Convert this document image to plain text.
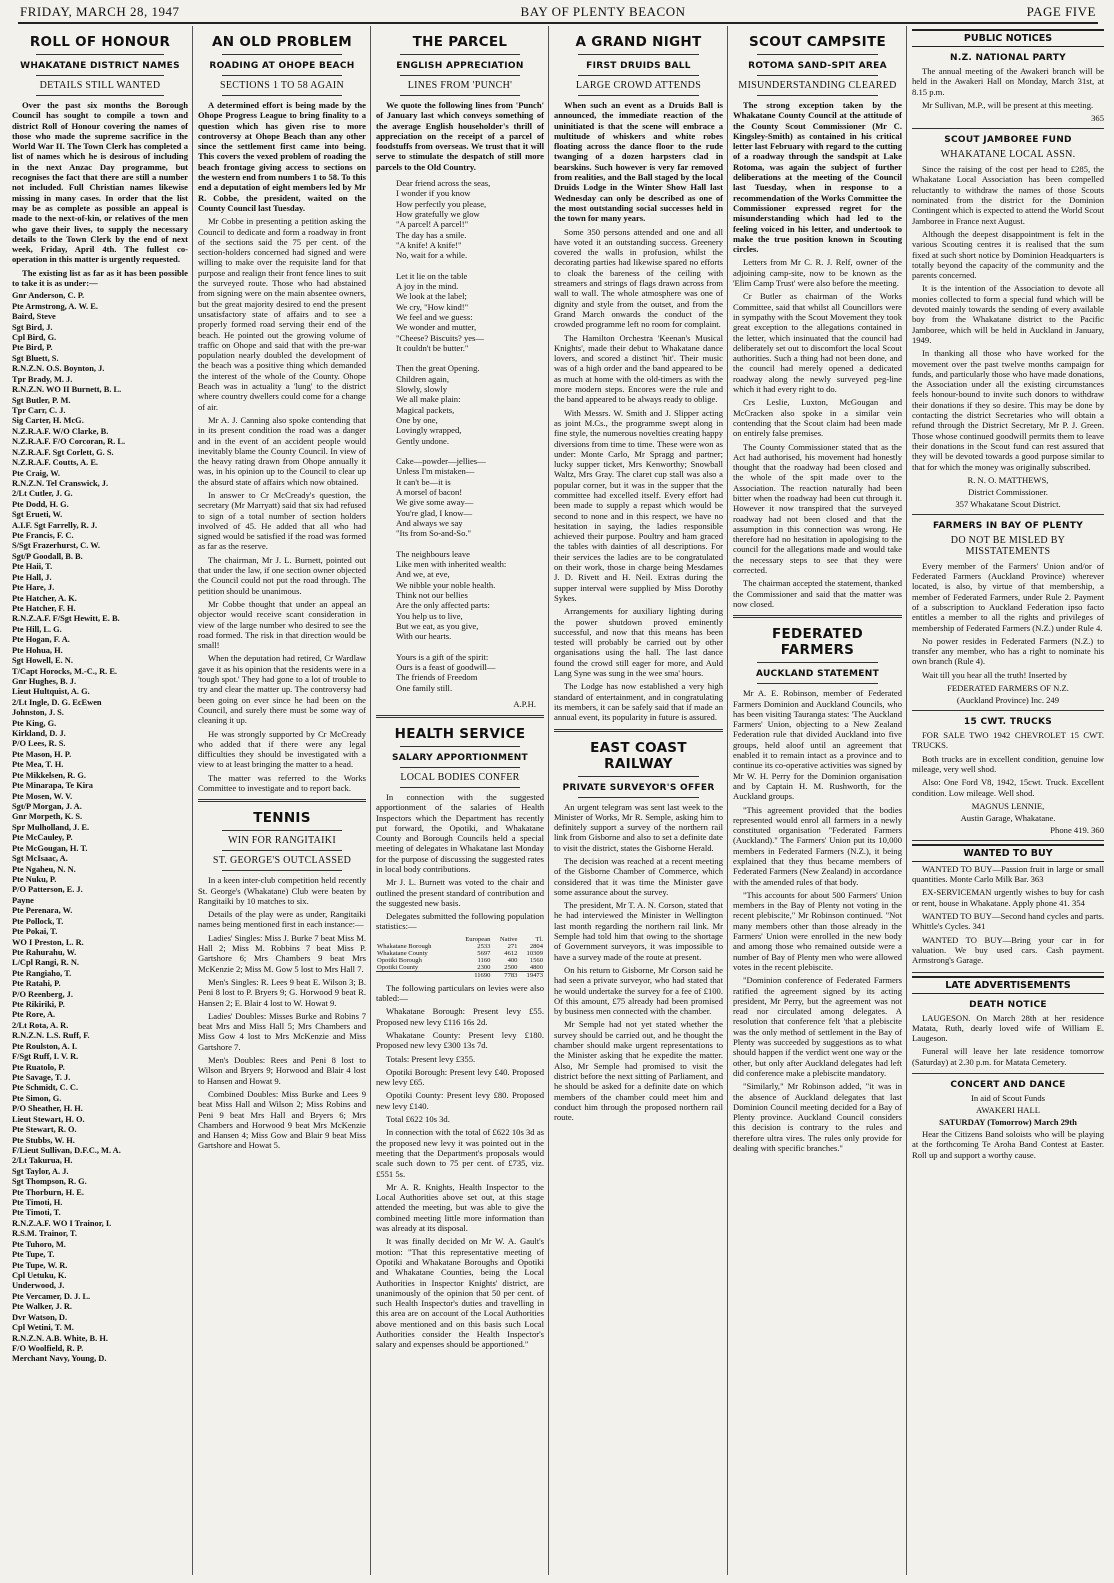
FRIDAY, MARCH 28, 1947	BAY OF PLENTY BEACON	PAGE FIVE
ROLL OF HONOUR
WHAKATANE DISTRICT NAMES
DETAILS STILL WANTED

Over the past six months the Borough Council has sought to compile a town and district Roll of Honour covering the names of those who made the supreme sacrifice in the World War II. The Town Clerk has completed a list of names which he is desirous of including in the next Anzac Day programme, but recognises the fact that there are still a number not included. Full Christian names likewise missing in many cases. In order that the list may be as complete as possible an appeal is made to the next-of-kin, or relatives of the men who gave their lives, to supply the necessary details to the Town Clerk by the end of next week, Friday, April 4th. The fullest co-operation in this matter is urgently requested.

The existing list as far as it has been possible to take it is as under:—

Gnr Anderson, C. P.
Pte Armstrong, A. W. E.
Baird, Steve
Sgt Bird, J.
Cpl Bird, G.
Pte Bird, P.
Sgt Bluett, S.
R.N.Z.N. O.S. Boynton, J.
Tpr Brady, M. J.
R.N.Z.N. WO II Burnett, B. L.
Sgt Butler, P. M.
Tpr Carr, C. J.
Sig Carter, H. McG.
N.Z.R.A.F. W/O Clarke, B.
N.Z.R.A.F. F/O Corcoran, R. L.
N.Z.R.A.F. Sgt Corlett, G. S.
N.Z.R.A.F. Coutts, A. E.
Pte Craig, W.
R.N.Z.N. Tel Cranswick, J.
2/Lt Cutler, J. G.
Pte Dodd, H. G.
Sgt Erueti, W.
A.I.F. Sgt Farrelly, R. J.
Pte Francis, F. C.
S/Sgt Frazerhurst, C. W.
Sgt/P Goodall, B. B.
Pte Haii, T.
Pte Hall, J.
Pte Hare, J.
Pte Hatcher, A. K.
Pte Hatcher, F. H.
R.N.Z.A.F. F/Sgt Hewitt, E. B.
Pte Hill, L. G.
Pte Hogan, F. A.
Pte Hohua, H.
Sgt Howell, E. N.
T/Capt Horocks, M.-C., R. E.
Gnr Hughes, B. J.
Lieut Hultquist, A. G.
2/Lt Ingle, D. G. EcEwen
Johnston, J. S.
Pte King, G.
Kirkland, D. J.
P/O Lees, R. S.
Pte Mason, H. P.
Pte Mea, T. H.
Pte Mikkelsen, R. G.
Pte Minarapa, Te Kira
Pte Mosen, W. V.
Sgt/P Morgan, J. A.
Gnr Morpeth, K. S.
Spr Mulholland, J. E.
Pte McCauley, P.
Pte McGougan, H. T.
Sgt McIsaac, A.
Pte Ngaheu, N. N.
Pte Nuku, P.
P/O Patterson, E. J.
Payne
Pte Perenara, W.
Pte Pollock, T.
Pte Pokai, T.
WO I Preston, L. R.
Pte Rahurahu, W.
L/Cpl Rangi, R. N.
Pte Rangiaho, T.
Pte Ratahi, P.
P/O Reenberg, J.
Pte Rikiriki, P.
Pte Rore, A.
2/Lt Rota, A. R.
R.N.Z.N. L.S. Ruff, F.
Pte Roulston, A. I.
F/Sgt Ruff, I. V. R.
Pte Ruatolo, P.
Pte Savage, T. J.
Pte Schmidt, C. C.
Pte Simon, G.
P/O Sheather, H. H.
Lieut Stewart, H. O.
Pte Stewart, R. O.
Pte Stubbs, W. H.
F/Lieut Sullivan, D.F.C., M. A.
2/Lt Takurua, H.
Sgt Taylor, A. J.
Sgt Thompson, R. G.
Pte Thorburn, H. E.
Pte Timoti, H.
Pte Timoti, T.
R.N.Z.A.F. WO I Trainor, I.
R.S.M. Trainor, T.
Pte Tuhoro, M.
Pte Tupe, T.
Pte Tupe, W. R.
Cpl Uetuku, K.
Underwood, J.
Pte Vercamer, D. J. L.
Pte Walker, J. R.
Dvr Watson, D.
Cpl Wetini, T. M.
R.N.Z.N. A.B. White, B. H.
F/O Woolfield, R. P.
Merchant Navy, Young, D.
AN OLD PROBLEM
ROADING AT OHOPE BEACH
SECTIONS 1 TO 58 AGAIN

A determined effort is being made by the Ohope Progress League to bring finality to a question which has given rise to more controversy at Ohope Beach than any other since the settlement first came into being. This covers the vexed problem of roading the beach frontage giving access to sections on the western end from numbers 1 to 58. To this end a deputation of eight members led by Mr R. Cobbe, the president, waited on the County Council last Tuesday.

Mr Cobbe in presenting a petition asking the Council to dedicate and form a roadway in front of the sections said the 75 per cent. of the section-holders concerned had signed and were willing to make over the requisite land for that purpose and realign their front fence lines to suit the surveyed route. Those who had abstained from signing were on the main absentee owners, but the great majority desired to end the present unsatisfactory state of affairs and to see a properly formed road serving their end of the beach. He pointed out the growing volume of traffic on Ohope and said that with the pre-war population nearly doubled the development of the beach was a positive thing which demanded the interest of the whole of the County. Ohope Beach was in actuality a 'lung' to the district where country dwellers could come for a change of air.

Mr A. J. Canning also spoke contending that in its present condition the road was a danger and in the event of an accident people would inevitably blame the County Council. In view of the heavy rating drawn from Ohope annually it was, in his opinion up to the Council to clear up the absurd state of affairs which now obtained.

In answer to Cr McCready's question, the secretary (Mr Marryatt) said that six had refused to sign of a total number of section holders involved of 45. He added that all who had signed would be satisfied if the road was formed as far as the reserve.

The chairman, Mr J. L. Burnett, pointed out that under the law, if one section owner objected the Council could not put the road through. The petition should be unanimous.

Mr Cobbe thought that under an appeal an objector would receive scant consideration in view of the large number who desired to see the road formed. The risk in that direction would be small!

When the deputation had retired, Cr Wardlaw gave it as his opinion that the residents were in a 'tough spot.' They had gone to a lot of trouble to try and clear the matter up. The controversy had been going on ever since he had been on the Council, and surely there must be some way of cleaning it up.

He was strongly supported by Cr McCready who added that if there were any legal difficulties they should be investigated with a view to at least bringing the matter to a head.

The matter was referred to the Works Committee to investigate and to report back.

TENNIS
WIN FOR RANGITAIKI
ST. GEORGE'S OUTCLASSED

In a keen inter-club competition held recently St. George's (Whakatane) Club were beaten by Rangitaiki by 10 matches to six.

Details of the play were as under, Rangitaiki names being mentioned first in each instance:—

Ladies' Singles: Miss J. Burke 7 beat Miss M. Hall 2; Miss M. Robbins 7 beat Miss P. Gartshore 6; Mrs Chambers 9 beat Mrs McKenzie 2; Miss M. Gow 5 lost to Mrs Hall 7.

Men's Singles: R. Lees 9 beat E. Wilson 3; B. Peni 8 lost to P. Bryers 9; G. Horwood 9 beat R. Hansen 2; E. Blair 4 lost to W. Howat 9.

Ladies' Doubles: Misses Burke and Robins 7 beat Mrs and Miss Hall 5; Mrs Chambers and Miss Gow 4 lost to Mrs McKenzie and Miss Gartshore 7.

Men's Doubles: Rees and Peni 8 lost to Wilson and Bryers 9; Horwood and Blair 4 lost to Hansen and Howat 9.

Combined Doubles: Miss Burke and Lees 9 beat Miss Hall and Wilson 2; Miss Robins and Peni 9 beat Mrs Hall and Bryers 6; Mrs Chambers and Horwood 9 beat Mrs McKenzie and Hansen 4; Miss Gow and Blair 9 beat Miss Gartshore and Howat 5.

THE PARCEL
ENGLISH APPRECIATION
LINES FROM 'PUNCH'

We quote the following lines from 'Punch' of January last which conveys something of the average English householder's thrill of appreciation on the receipt of a parcel of foodstuffs from overseas. We trust that it will serve to stimulate the despatch of still more parcels to the Old Country.

Dear friend across the seas,
I wonder if you know
How perfectly you please,
How gratefully we glow
"A parcel! A parcel!"
The day has a smile.
"A knife! A knife!"
No, wait for a while.

Let it lie on the table
A joy in the mind.
We look at the label;
We cry, "How kind!"
We feel and we guess:
We wonder and mutter,
"Cheese? Biscuits? yes—
It couldn't be butter."

Then the great Opening.
Children again,
Slowly, slowly
We all make plain:
Magical packets,
One by one,
Lovingly wrapped,
Gently undone.

Cake—powder—jellies—
Unless I'm mistaken—
It can't be—it is
A morsel of bacon!
We give some away—
You're glad, I know—
And always we say
"Its from So-and-So."

The neighbours leave
Like men with inherited wealth:
And we, at eve,
We nibble your noble health.
Think not our bellies
Are the only affected parts:
You help us to live,
But we eat, as you give,
With our hearts.

Yours is a gift of the spirit:
Ours is a feast of goodwill—
The friends of Freedom
One family still.
A.P.H.
HEALTH SERVICE
SALARY APPORTIONMENT
LOCAL BODIES CONFER

In connection with the suggested apportionment of the salaries of Health Inspectors which the Department has recently put forward, the Opotiki, and Whakatane County and Borough Councils held a special meeting of delegates in Whakatane last Monday for the purpose of discussing the suggested rates in local body contributions.

Mr J. L. Burnett was voted to the chair and outlined the present standard of contribution and the suggested new basis.

Delegates submitted the following population statistics:—

	European	Native	Tl.
Whakatane Borough	2533	271	2804
Whakatane County	5697	4612	10309
Opotiki Borough	1160	400	1560
Opotiki County	2300	2500	4800
	11690	7783	19473

The following particulars on levies were also tabled:—

Whakatane Borough: Present levy £55. Proposed new levy £116 16s 2d.

Whakatane County: Present levy £180. Proposed new levy £300 13s 7d.

Totals: Present levy £355.

Opotiki Borough: Present levy £40. Proposed new levy £65.

Opotiki County: Present levy £80. Proposed new levy £140.

Total £622 10s 3d.

In connection with the total of £622 10s 3d as the proposed new levy it was pointed out in the meeting that the Department's proposals would scale such down to 75 per cent. of £735, viz. £551 5s.

Mr A. R. Knights, Health Inspector to the Local Authorities above set out, at this stage attended the meeting, but was able to give the combined meeting little more information than was already at its disposal.

It was finally decided on Mr W. A. Gault's motion: "That this representative meeting of Opotiki and Whakatane Boroughs and Opotiki and Whakatane Counties, being the Local Authorities in Inspector Knights' district, are unanimously of the opinion that 50 per cent. of such Health Inspector's duties and travelling in this area are on account of the Local Authorities above mentioned and on this basis such Local Authorities consider the Health Inspector's salary and expenses should be apportioned."

A GRAND NIGHT
FIRST DRUIDS BALL
LARGE CROWD ATTENDS

When such an event as a Druids Ball is announced, the immediate reaction of the uninitiated is that the scene will embrace a multitude of whiskers and white robes floating across the dance floor to the rude twanging of a dozen harpsters clad in bearskins. Such however is very far removed from realities, and the Ball staged by the local Druids Lodge in the Winter Show Hall last Wednesday can only be described as one of the most outstanding social successes held in the town for many years.

Some 350 persons attended and one and all have voted it an outstanding success. Greenery covered the walls in profusion, whilst the decorating parties had likewise spared no efforts to cloak the bareness of the ceiling with streamers and strings of flags drawn across from wall to wall. The whole atmosphere was one of dignity and style from the outset, and from the Grand March onwards the conduct of the crowded programme left no room for complaint.

The Hamilton Orchestra 'Keenan's Musical Knights', made their debut to Whakatane dance lovers, and scored a distinct 'hit'. Their music was of a high order and the band appeared to be as much at home with the old-timers as with the more modern steps. Encores were the rule and the band appeared to be always ready to oblige.

With Messrs. W. Smith and J. Slipper acting as joint M.Cs., the programme swept along in fine style, the numerous novelties creating happy diversions from time to time. These were won as under: Monte Carlo, Mr Spragg and partner; lucky supper ticket, Mrs Kenworthy; Snowball Waltz, Mrs Gray. The claret cup stall was also a popular corner, but it was in the supper that the committee had excelled itself. Every effort had been made to supply a repast which would be second to none and in this respect, we have no hesitation in saying, the ladies responsible achieved their purpose. Poultry and ham graced the tables with dainties of all descriptions. For their services the ladies are to be congratulated on their work, those in charge being Mesdames J. D. Rivett and H. Neil. Extras during the supper interval were supplied by Miss Dorothy Sykes.

Arrangements for auxiliary lighting during the power shutdown proved eminently successful, and now that this means has been tested will probably be carried out by other organisations using the hall. The last dance found the crowd still eager for more, and Auld Lang Syne was sung in the wee sma' hours.

The Lodge has now established a very high standard of entertainment, and in congratulating its members, it can be safely said that if made an annual event, its popularity in future is assured.

EAST COAST RAILWAY
PRIVATE SURVEYOR'S OFFER

An urgent telegram was sent last week to the Minister of Works, Mr R. Semple, asking him to definitely support a survey of the northern rail link from Gisborne and also to set a definite date to visit the district, states the Gisborne Herald.

The decision was reached at a recent meeting of the Gisborne Chamber of Commerce, which considered that it was time the Minister gave some assurance about the survey.

The president, Mr T. A. N. Corson, stated that he had interviewed the Minister in Wellington last month regarding the northern rail link. Mr Semple had told him that owing to the shortage of Government surveyors, it was impossible to have a survey made of the route at present.

On his return to Gisborne, Mr Corson said he had seen a private surveyor, who had stated that he would undertake the survey for a fee of £100. Of this amount, £75 already had been promised by business men connected with the chamber.

Mr Semple had not yet stated whether the survey should be carried out, and he thought the chamber should make urgent representations to the Minister asking that he expedite the matter. Also, Mr Semple had promised to visit the district before the next sitting of Parliament, and he should be asked for a definite date on which members of the chamber could meet him and conduct him through the proposed northern rail route.

SCOUT CAMPSITE
ROTOMA SAND-SPIT AREA
MISUNDERSTANDING CLEARED

The strong exception taken by the Whakatane County Council at the attitude of the County Scout Commissioner (Mr C. Kingsley-Smith) as contained in his critical letter last February with regard to the cutting of a roadway through the sandspit at Lake Rotoma, was again the subject of further deliberations at the meeting of the Council last Tuesday, when in response to a recommendation of the Works Committee the Commissioner expressed regret for the misunderstanding which had led to the feeling voiced in his letter, and undertook to make the true position known in Scouting circles.

Letters from Mr C. R. J. Relf, owner of the adjoining camp-site, now to be known as the 'Elim Camp Trust' were also before the meeting.

Cr Butler as chairman of the Works Committee, said that whilst all Councillors were in sympathy with the Scout Movement they took great exception to the allegations contained in the letter, which insinuated that the council had deliberately set out to discomfort the local Scout authorities. Such a thing had not been done, and the council had merely opened a dedicated roadway along the newly surveyed peg-line which it had every right to do.

Crs Leslie, Luxton, McGougan and McCracken also spoke in a similar vein contending that the Scout claim had been made on entirely false premises.

The County Commissioner stated that as the Act had authorised, his movement had honestly thought that the roadway had been closed and the whole of the spit made over to the Association. The reaction naturally had been bitter when the roadway had been cut through it. However it now transpired that the surveyed roadway had not been closed and that the assumption in this connection was wrong. He therefore had no hesitation in apologising to the council for the allegations made and would take the necessary steps to see that they were corrected.

The chairman accepted the statement, thanked the Commissioner and said that the matter was now closed.

FEDERATED FARMERS
AUCKLAND STATEMENT

Mr A. E. Robinson, member of Federated Farmers Dominion and Auckland Councils, who has been visiting Tauranga states: 'The Auckland Farmers' Union, objecting to a New Zealand Federation rule that divided Auckland into five groups, held aloof until an agreement that enabled it to remain intact as a province and to continue its co-operative activities was signed by Mr W. H. Perry for the Dominion organisation and by Captain H. M. Rushworth, for the Auckland groups.

"This agreement provided that the bodies represented would enrol all farmers in a newly constituted organisation "Federated Farmers (Auckland)." The Farmers' Union put its 10,000 members in Federated Farmers (N.Z.), it being explained that they thus became members of Federated Farmers (New Zealand) in accordance with the amended rules of that body.

"This accounts for about 500 Farmers' Union members in the Bay of Plenty not voting in the recent plebiscite," Mr Robinson continued. "Not many members other than those already in the Farmers' Union were enrolled in the new body and among those who remained outside were a number of Bay of Plenty men who were allowed votes in the recent plebiscite.

"Dominion conference of Federated Farmers ratified the agreement signed by its acting president, Mr Perry, but the agreement was not read nor circulated among delegates. A resolution that conference felt 'that a plebiscite was the only method of settlement in the Bay of Plenty was succeeded by suggestions as to what should happen if the verdict went one way or the other, but only after Auckland delegates had left did conference make a plebiscite mandatory.

"Similarly," Mr Robinson added, "it was in the absence of Auckland delegates that last Dominion Council meeting decided for a Bay of Plenty province. Auckland Council considers this decision is contrary to the rules and therefore ultra vires. The rules only provide for dealing with specific branches."

PUBLIC NOTICES
N.Z. NATIONAL PARTY

The annual meeting of the Awakeri branch will be held in the Awakeri Hall on Monday, March 31st, at 8.15 p.m.

Mr Sullivan, M.P., will be present at this meeting.

365
SCOUT JAMBOREE FUND
WHAKATANE LOCAL ASSN.

Since the raising of the cost per head to £285, the Whakatane Local Association has been compelled reluctantly to withdraw the names of those Scouts nominated from the district for the Dominion Contingent which is expected to attend the World Scout Jamboree in France next August.

Although the deepest disappointment is felt in the various Scouting centres it is realised that the sum fixed at such short notice by Dominion Headquarters is totally beyond the capacity of the community and the parents concerned.

It is the intention of the Association to devote all monies collected to form a special fund which will be devoted mainly towards the sending of every available boy from the Whakatane district to the Pacific Jamboree, which will be held in Auckland in January, 1949.

In thanking all those who have worked for the movement over the past twelve months campaign for funds, and particularly those who have made donations, the Association under all the existing circumstances feels honour-bound to invite such donors to withdraw their donations if they so desire. This may be done by contacting the district Secretaries who will obtain a refund through the District Secretary, Mr P. J. Green. Those whose continued goodwill permits them to leave their donations in the Scout fund can rest assured that they will be devoted towards a good purpose similar to that for which the money was originally subscribed.

R. N. O. MATTHEWS,
District Commissioner.
357 Whakatane Scout District.
FARMERS IN BAY OF PLENTY
DO NOT BE MISLED BY MISSTATEMENTS

Every member of the Farmers' Union and/or of Federated Farmers (Auckland Province) wherever located, is also, by virtue of that membership, a member of Federated Farmers, under Rule 2. Payment of a subscription to Auckland Federation ipso facto entitles a member to all the rights and privileges of membership of Federated Farmers (N.Z.) under Rule 4.

No power resides in Federated Farmers (N.Z.) to transfer any member, who has a right to nominate his own branch (Rule 4).

Wait till you hear all the truth! Inserted by

FEDERATED FARMERS OF N.Z.
(Auckland Province) Inc. 249
15 CWT. TRUCKS

FOR SALE TWO 1942 CHEVROLET 15 CWT. TRUCKS.

Both trucks are in excellent condition, genuine low mileage, very well shod.

Also: One Ford V8, 1942, 15cwt. Truck. Excellent condition. Low mileage. Well shod.

MAGNUS LENNIE,
Austin Garage, Whakatane.
Phone 419. 360
WANTED TO BUY

WANTED TO BUY—Passion fruit in large or small quantities. Monte Carlo Milk Bar. 363

EX-SERVICEMAN urgently wishes to buy for cash or rent, house in Whakatane. Apply phone 41. 354

WANTED TO BUY—Second hand cycles and parts. Whittle's Cycles. 341

WANTED TO BUY—Bring your car in for valuation. We buy used cars. Cash payment. Armstrong's Garage.

LATE ADVERTISEMENTS
DEATH NOTICE

LAUGESON. On March 28th at her residence Matata, Ruth, dearly loved wife of William E. Laugeson.

Funeral will leave her late residence tomorrow (Saturday) at 2.30 p.m. for Matata Cemetery.

CONCERT AND DANCE
In aid of Scout Funds
AWAKERI HALL
SATURDAY (Tomorrow) March 29th

Hear the Citizens Band soloists who will be playing at the forthcoming Te Aroha Band Contest at Easter. Roll up and support a worthy cause.
